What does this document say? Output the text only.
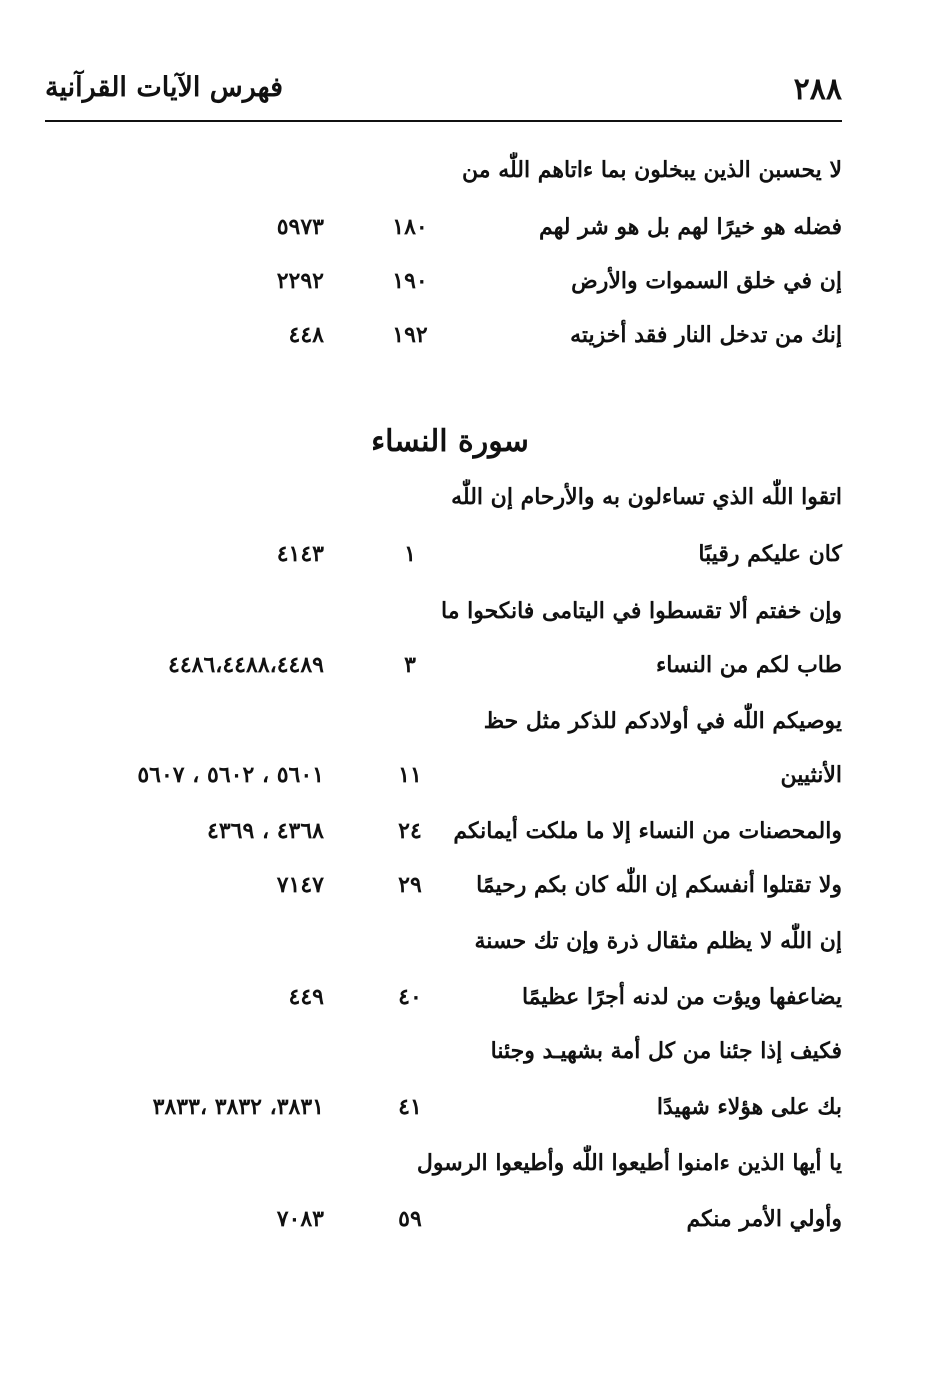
٢٨٨
فهرس الآيات القرآنية
لا يحسبن الذين يبخلون بما ءاتاهم اللّٰه من
فضله هو خيرًا لهم بل هو شر لهم
١٨٠
٥٩٧٣
إن في خلق السموات والأرض
١٩٠
٢٢٩٢
إنك من تدخل النار فقد أخزيته
١٩٢
٤٤٨
سورة النساء
اتقوا اللّٰه الذي تساءلون به والأرحام إن اللّٰه
كان عليكم رقيبًا
١
٤١٤٣
وإن خفتم ألا تقسطوا في اليتامى فانكحوا ما
طاب لكم من النساء
٣
٤٤٨٦،٤٤٨٨،٤٤٨٩
يوصيكم اللّٰه في أولادكم للذكر مثل حظ
الأنثيين
١١
٥٦٠١ ، ٥٦٠٢ ، ٥٦٠٧
والمحصنات من النساء إلا ما ملكت أيمانكم
٢٤
٤٣٦٨ ، ٤٣٦٩
ولا تقتلوا أنفسكم إن اللّٰه كان بكم رحيمًا
٢٩
٧١٤٧
إن اللّٰه لا يظلم مثقال ذرة وإن تك حسنة
يضاعفها ويؤت من لدنه أجرًا عظيمًا
٤٠
٤٤٩
فكيف إذا جئنا من كل أمة بشهيـد وجئنا
بك على هؤلاء شهيدًا
٤١
٣٨٣١، ٣٨٣٢ ،٣٨٣٣
يا أيها الذين ءامنوا أطيعوا اللّٰه وأطيعوا الرسول
وأولي الأمر منكم
٥٩
٧٠٨٣
